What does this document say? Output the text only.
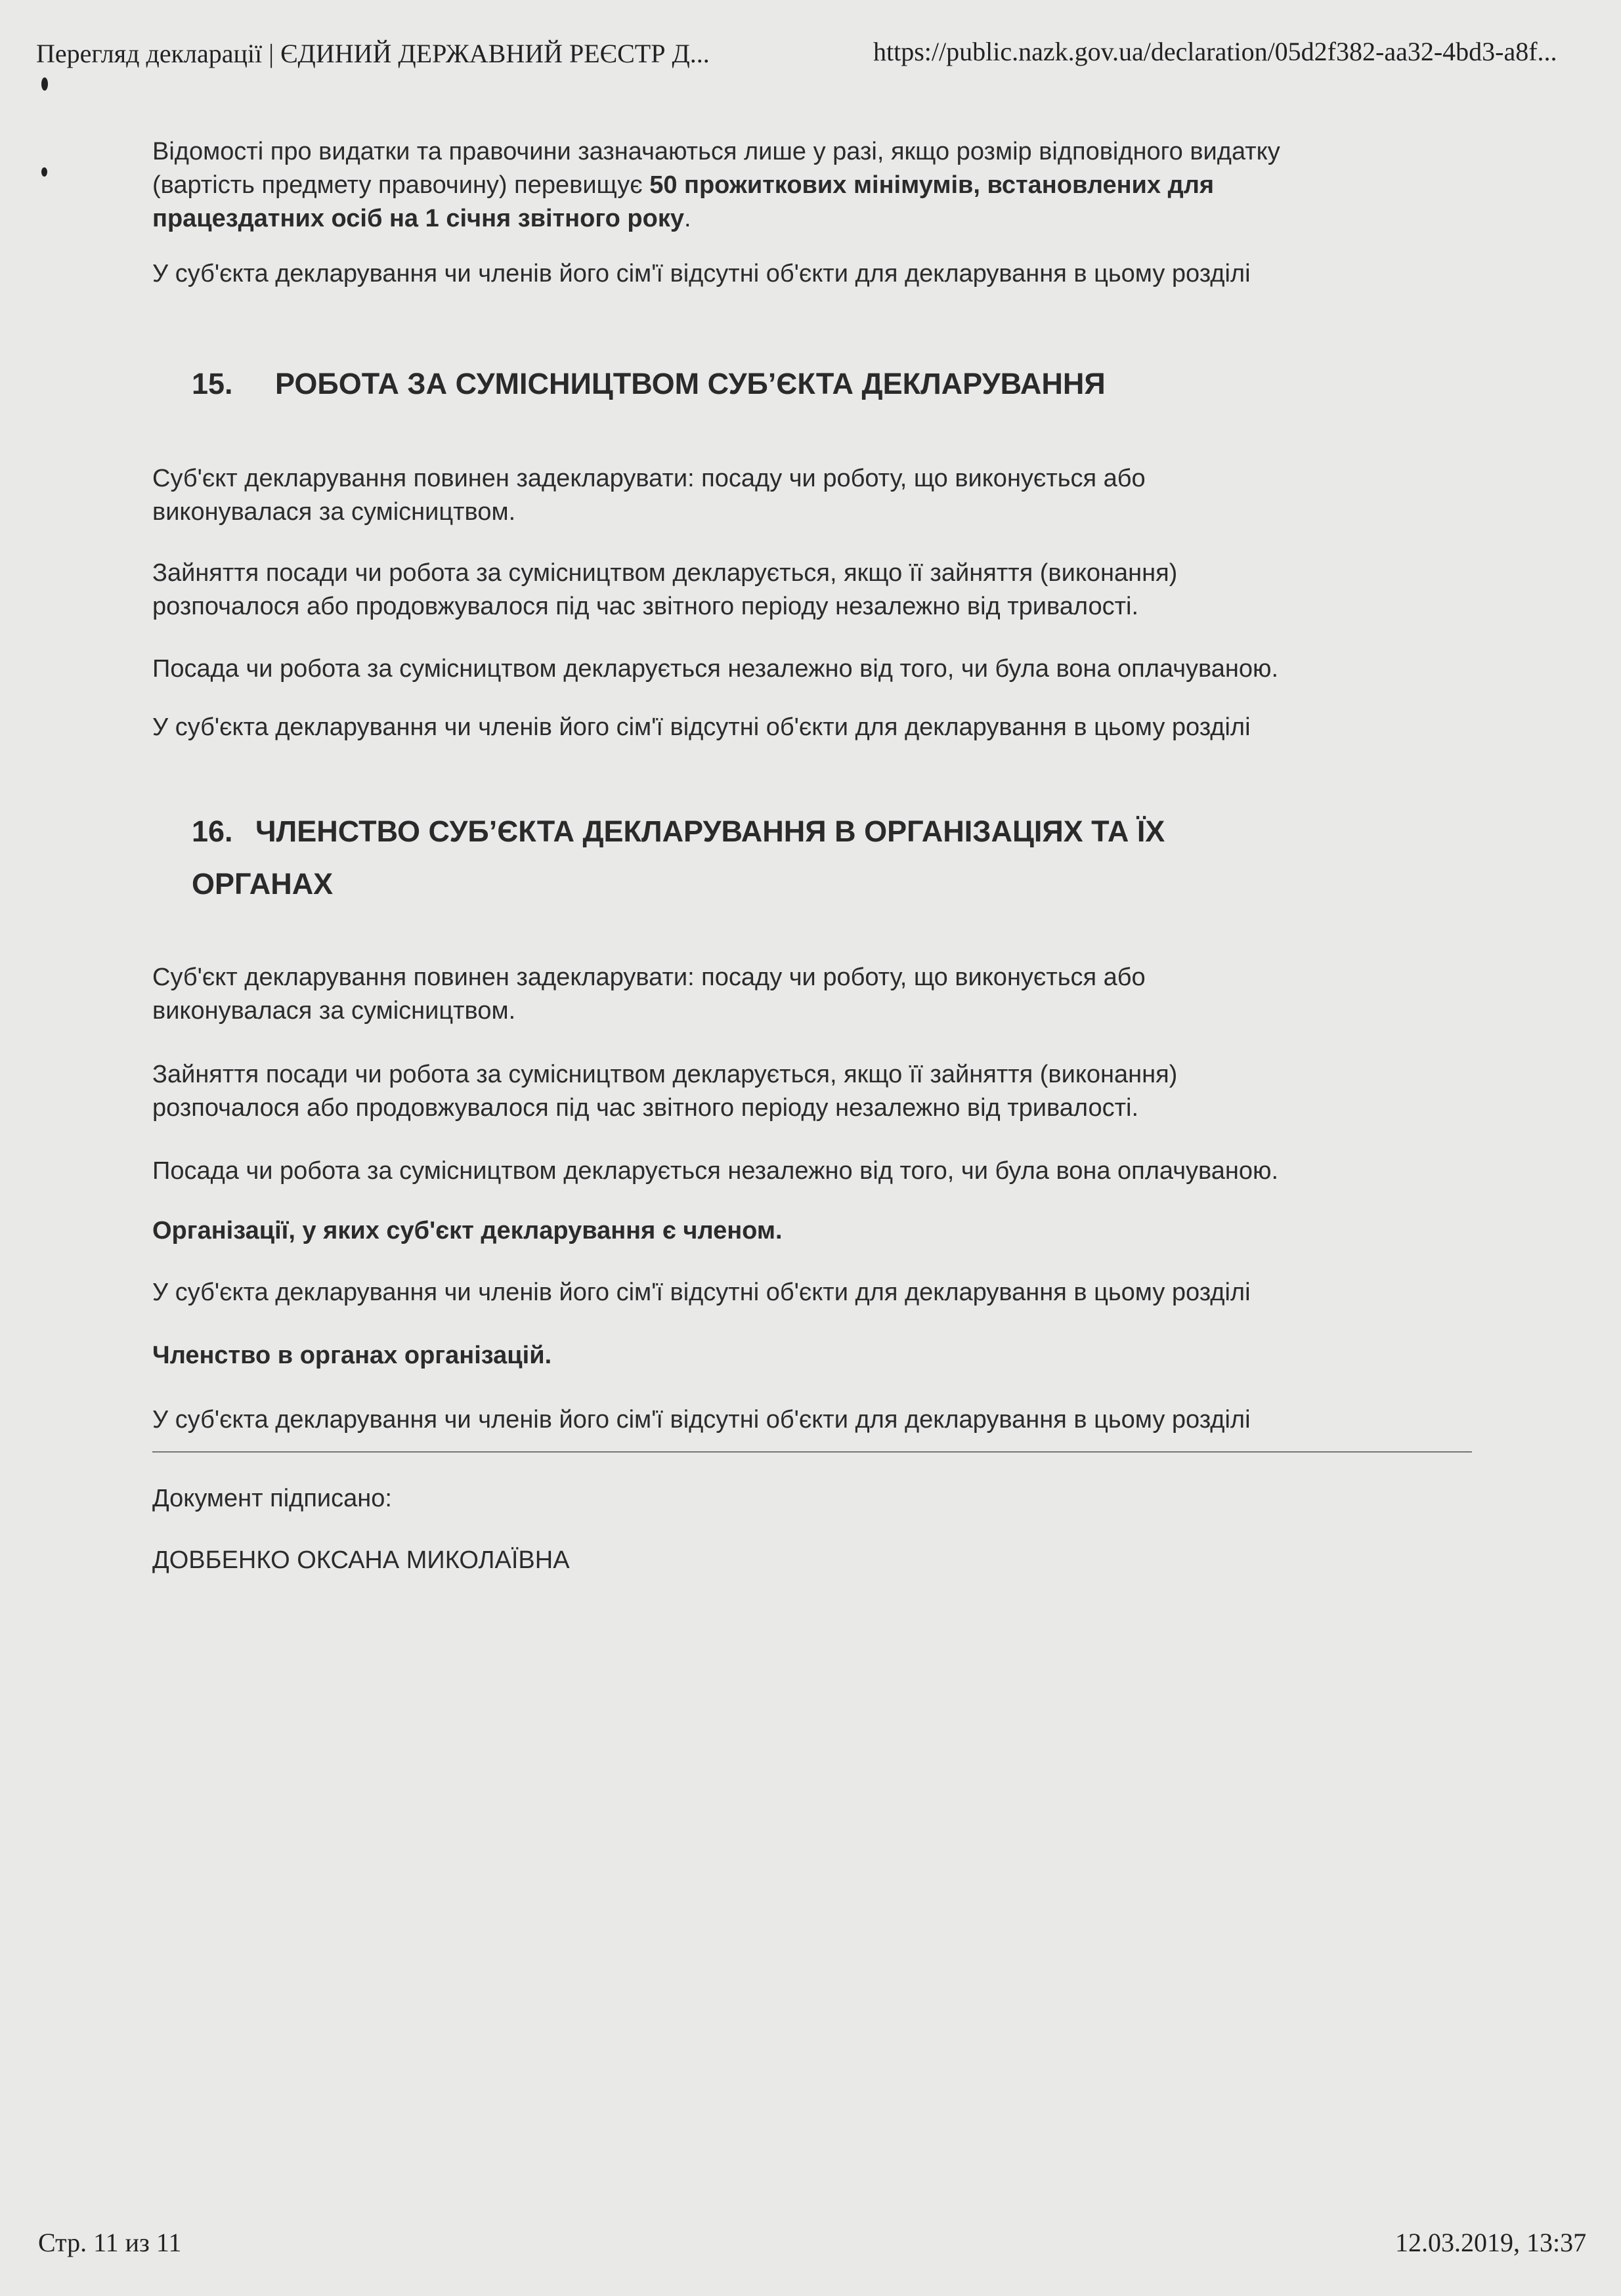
Перегляд декларації | ЄДИНИЙ ДЕРЖАВНИЙ РЕЄСТР Д...	https://public.nazk.gov.ua/declaration/05d2f382-aa32-4bd3-a8f...
Відомості про видатки та правочини зазначаються лише у разі, якщо розмір відповідного видатку
(вартість предмету правочину) перевищує 50 прожиткових мінімумів, встановлених для
працездатних осіб на 1 січня звітного року.
У суб'єкта декларування чи членів його сім'ї відсутні об'єкти для декларування в цьому розділі
15. РОБОТА ЗА СУМІСНИЦТВОМ СУБ’ЄКТА ДЕКЛАРУВАННЯ
Суб'єкт декларування повинен задекларувати: посаду чи роботу, що виконується або
виконувалася за сумісництвом.
Зайняття посади чи робота за сумісництвом декларується, якщо її зайняття (виконання)
розпочалося або продовжувалося під час звітного періоду незалежно від тривалості.
Посада чи робота за сумісництвом декларується незалежно від того, чи була вона оплачуваною.
У суб'єкта декларування чи членів його сім'ї відсутні об'єкти для декларування в цьому розділі
16. ЧЛЕНСТВО СУБ’ЄКТА ДЕКЛАРУВАННЯ В ОРГАНІЗАЦІЯХ ТА ЇХ
ОРГАНАХ
Суб'єкт декларування повинен задекларувати: посаду чи роботу, що виконується або
виконувалася за сумісництвом.
Зайняття посади чи робота за сумісництвом декларується, якщо її зайняття (виконання)
розпочалося або продовжувалося під час звітного періоду незалежно від тривалості.
Посада чи робота за сумісництвом декларується незалежно від того, чи була вона оплачуваною.
Організації, у яких суб'єкт декларування є членом.
У суб'єкта декларування чи членів його сім'ї відсутні об'єкти для декларування в цьому розділі
Членство в органах організацій.
У суб'єкта декларування чи членів його сім'ї відсутні об'єкти для декларування в цьому розділі
Документ підписано:
ДОВБЕНКО ОКСАНА МИКОЛАЇВНА
Стр. 11 из 11	12.03.2019, 13:37
